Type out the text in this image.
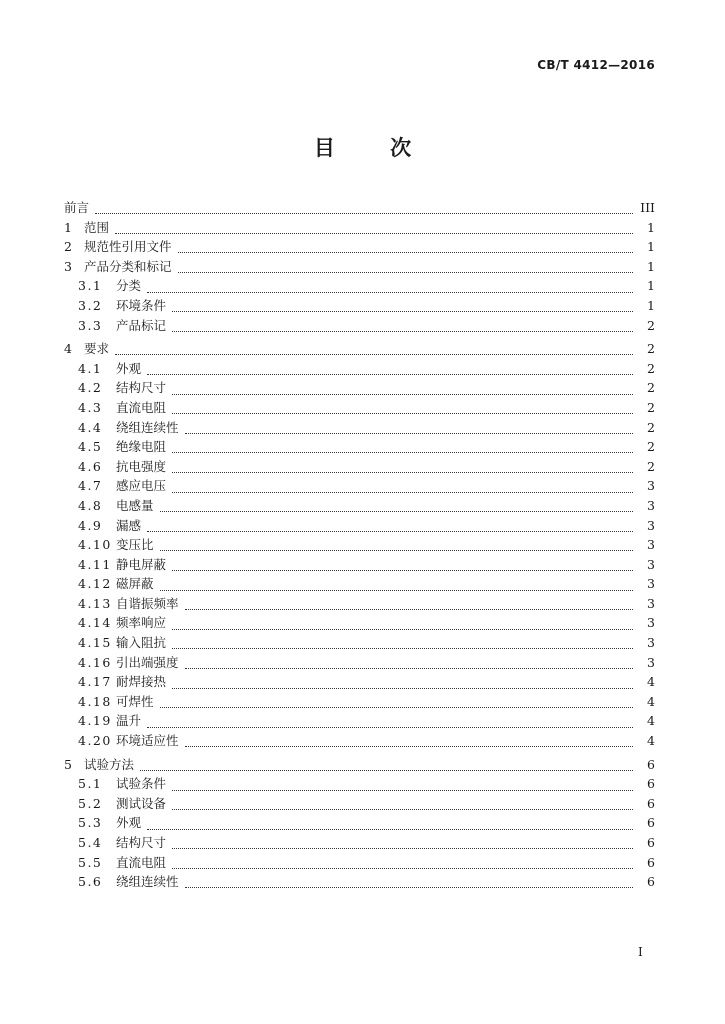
CB/T 4412—2016
目 次
前言	III
1 范围	1
2 规范性引用文件	1
3 产品分类和标记	1
3.1	分类	1
3.2	环境条件	1
3.3	产品标记	2
4 要求	2
4.1	外观	2
4.2	结构尺寸	2
4.3	直流电阻	2
4.4	绕组连续性	2
4.5	绝缘电阻	2
4.6	抗电强度	2
4.7	感应电压	3
4.8	电感量	3
4.9	漏感	3
4.10 变压比	3
4.11 静电屏蔽	3
4.12 磁屏蔽	3
4.13 自谐振频率	3
4.14 频率响应	3
4.15 输入阻抗	3
4.16 引出端强度	3
4.17 耐焊接热	4
4.18 可焊性	4
4.19 温升	4
4.20 环境适应性	4
5 试验方法	6
5.1	试验条件	6
5.2	测试设备	6
5.3	外观	6
5.4	结构尺寸	6
5.5	直流电阻	6
5.6	绕组连续性	6
I
